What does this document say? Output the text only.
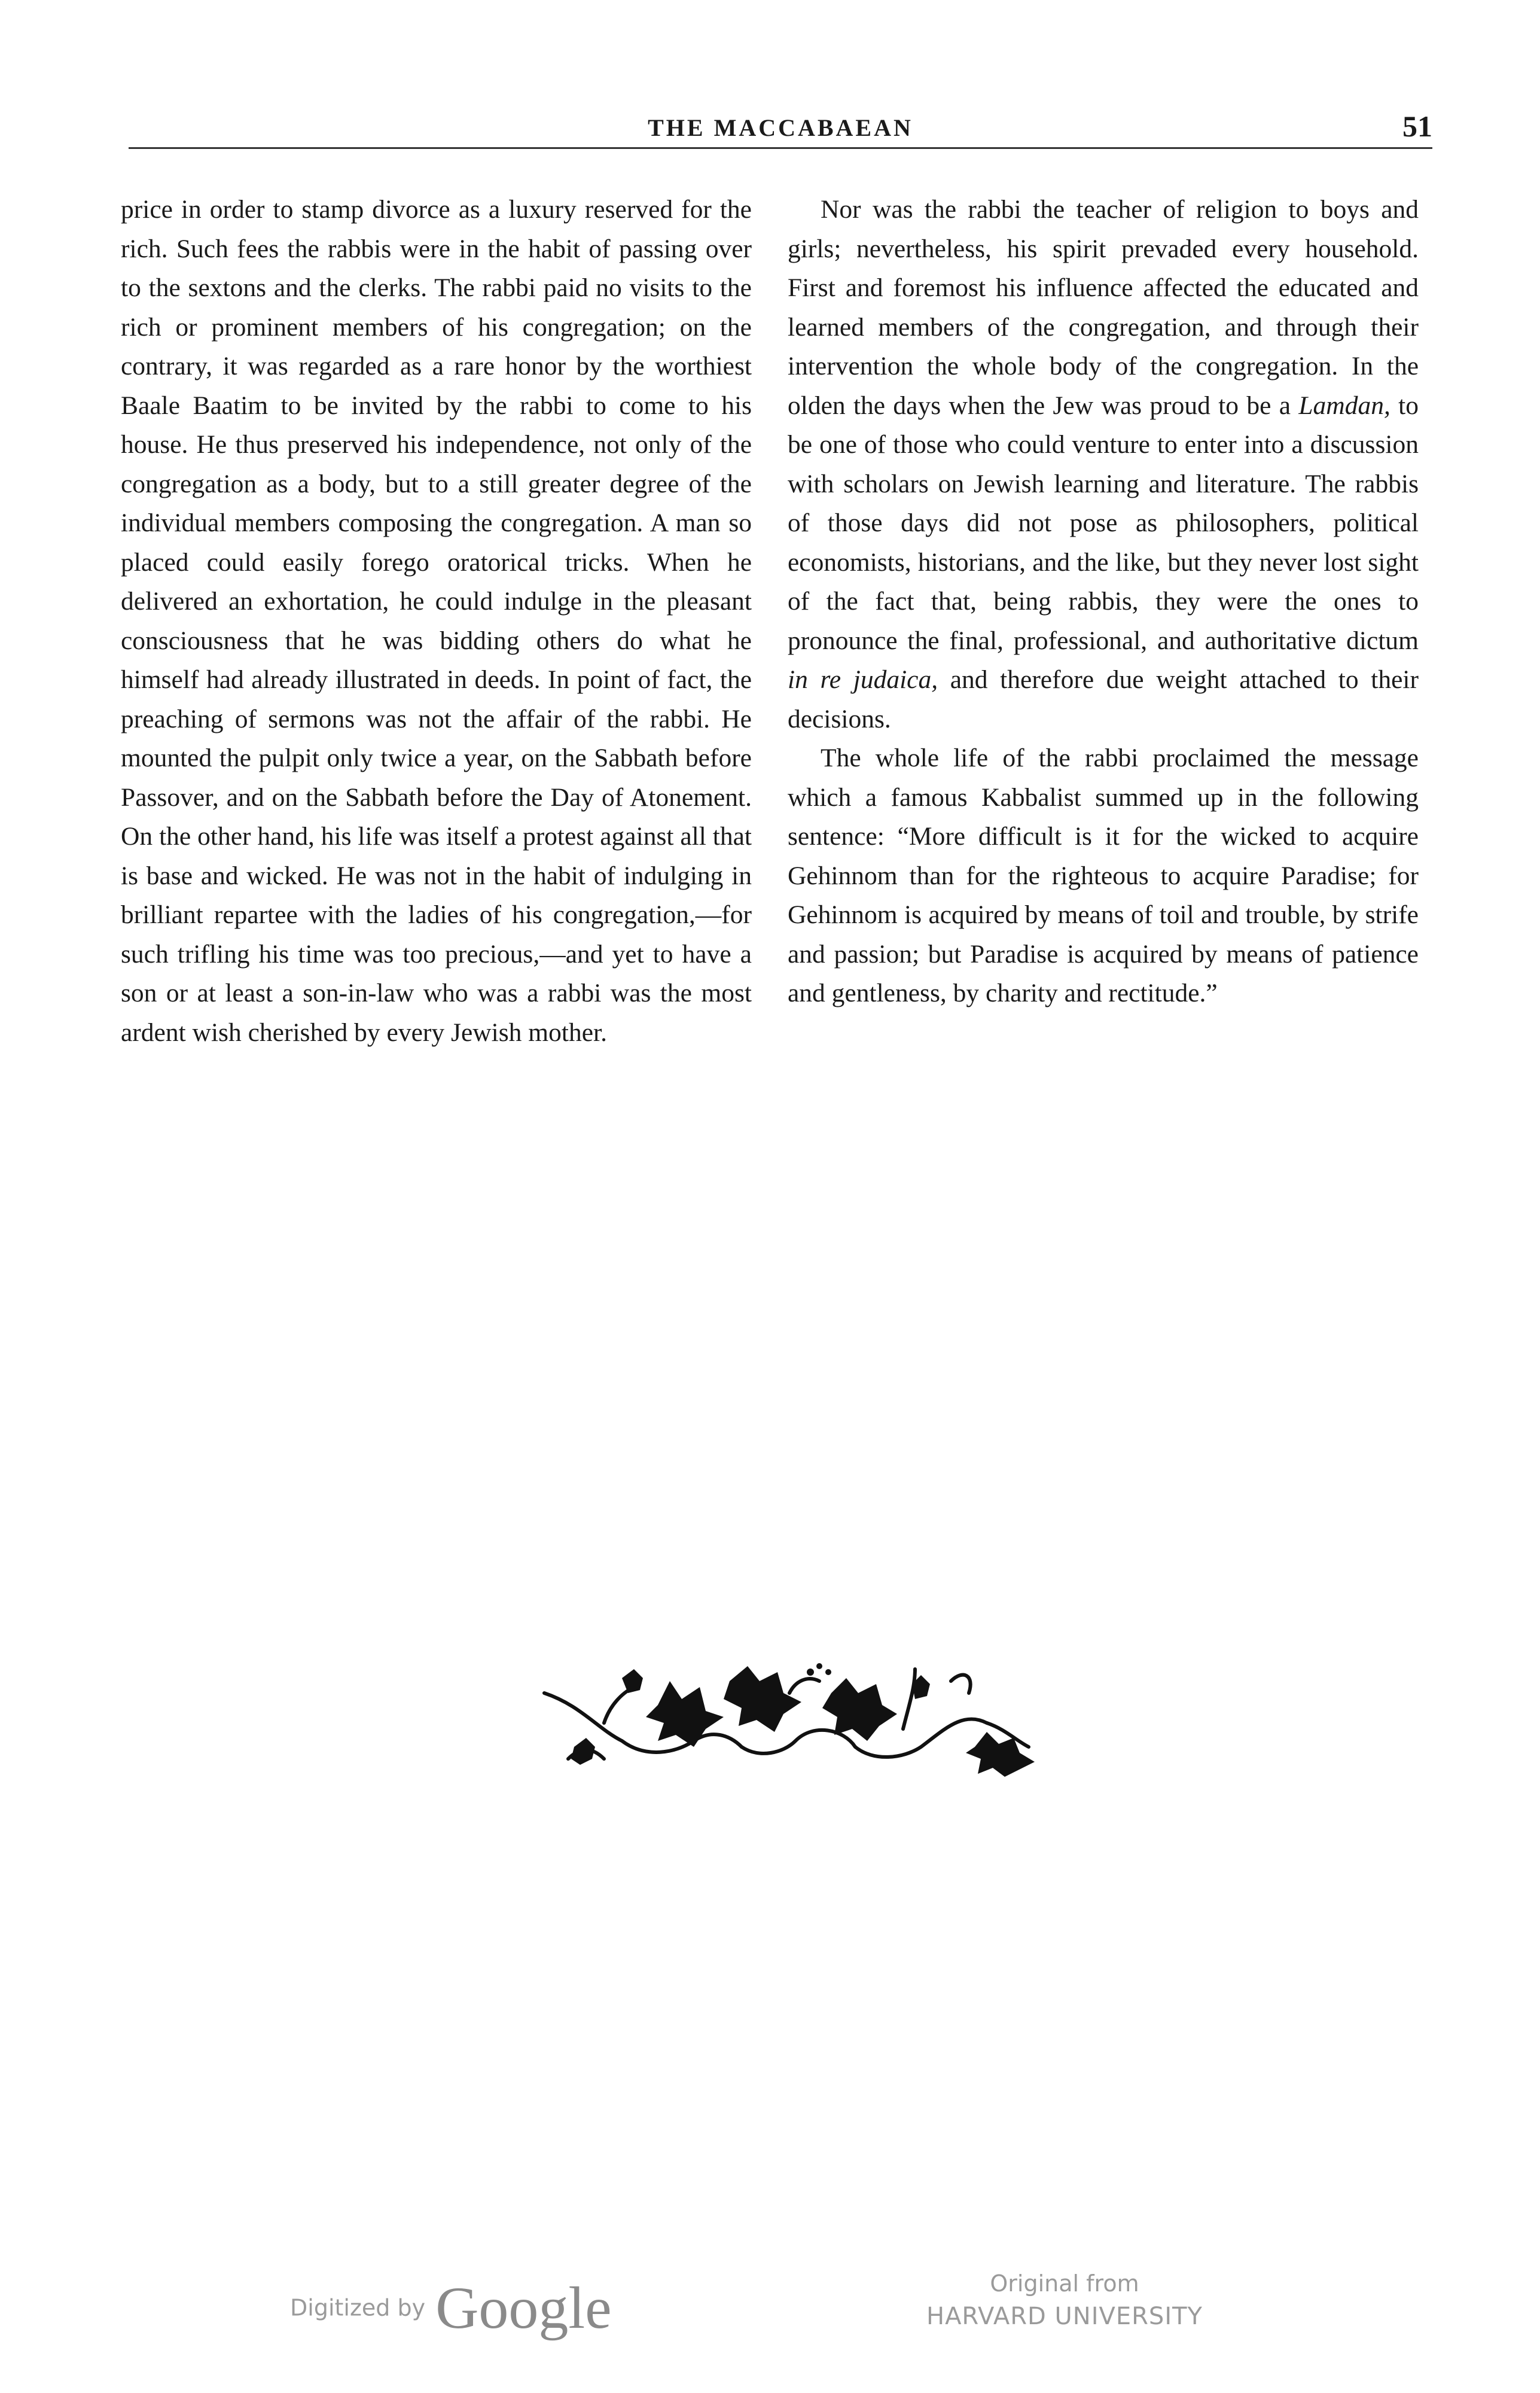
THE MACCABAEAN	51

price in order to stamp divorce as a luxury reserved for the rich. Such fees the rabbis were in the habit of passing over to the sextons and the clerks. The rabbi paid no visits to the rich or prominent members of his congregation; on the contrary, it was regarded as a rare honor by the worthiest Baale Baatim to be invited by the rabbi to come to his house. He thus preserved his independence, not only of the congregation as a body, but to a still greater degree of the individual members composing the congregation. A man so placed could easily forego oratorical tricks. When he delivered an exhortation, he could indulge in the pleasant consciousness that he was bidding others do what he himself had already illustrated in deeds. In point of fact, the preaching of sermons was not the affair of the rabbi. He mounted the pulpit only twice a year, on the Sabbath before Passover, and on the Sabbath before the Day of Atonement. On the other hand, his life was itself a protest against all that is base and wicked. He was not in the habit of indulging in brilliant repartee with the ladies of his congregation,—for such trifling his time was too precious,—and yet to have a son or at least a son-in-law who was a rabbi was the most ardent wish cherished by every Jewish mother.

Nor was the rabbi the teacher of religion to boys and girls; nevertheless, his spirit prevaded every household. First and foremost his influence affected the educated and learned members of the congregation, and through their intervention the whole body of the congregation. In the olden the days when the Jew was proud to be a Lamdan, to be one of those who could venture to enter into a discussion with scholars on Jewish learning and literature. The rabbis of those days did not pose as philosophers, political economists, historians, and the like, but they never lost sight of the fact that, being rabbis, they were the ones to pronounce the final, professional, and authoritative dictum in re judaica, and therefore due weight attached to their decisions.

The whole life of the rabbi proclaimed the message which a famous Kabbalist summed up in the following sentence: “More difficult is it for the wicked to acquire Gehinnom than for the righteous to acquire Paradise; for Gehinnom is acquired by means of toil and trouble, by strife and passion; but Paradise is acquired by means of patience and gentleness, by charity and rectitude.”

Digitized by Google	Original from
HARVARD UNIVERSITY
